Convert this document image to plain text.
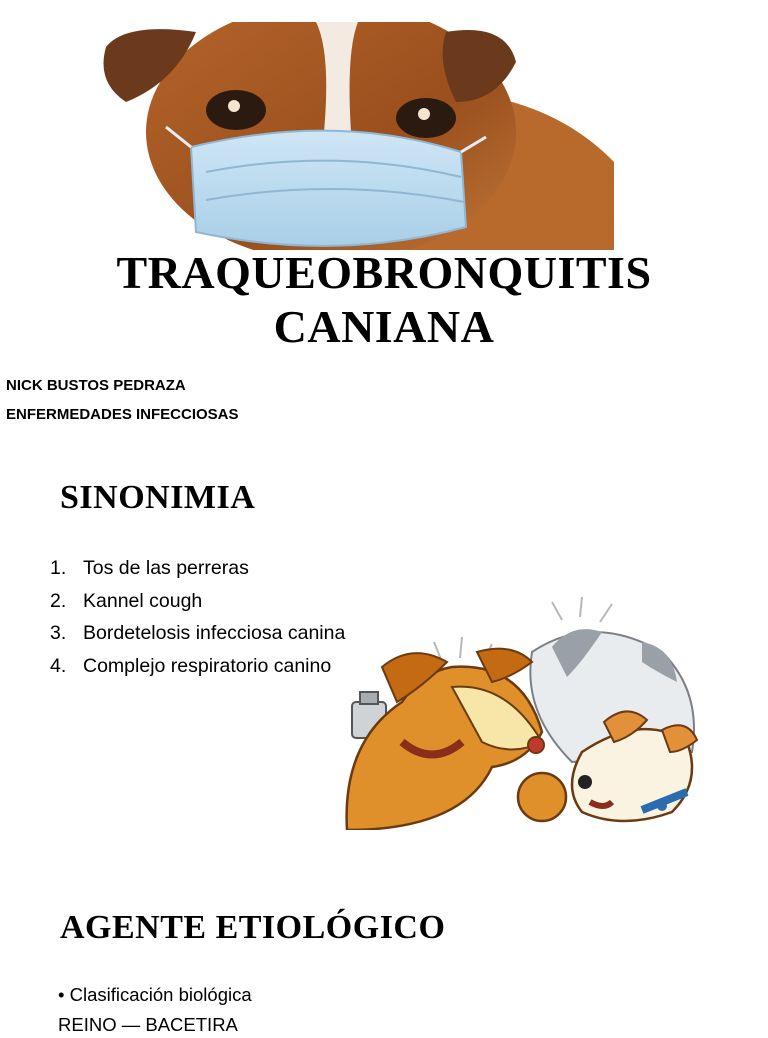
TRAQUEOBRONQUITIS
CANIANA
NICK BUSTOS PEDRAZA
ENFERMEDADES INFECCIOSAS
SINONIMIA
1. Tos de las perreras
2. Kannel cough
3. Bordetelosis infecciosa canina
4. Complejo respiratorio canino
AGENTE ETIOLÓGICO
• Clasificación biológica
REINO — BACETIRA
